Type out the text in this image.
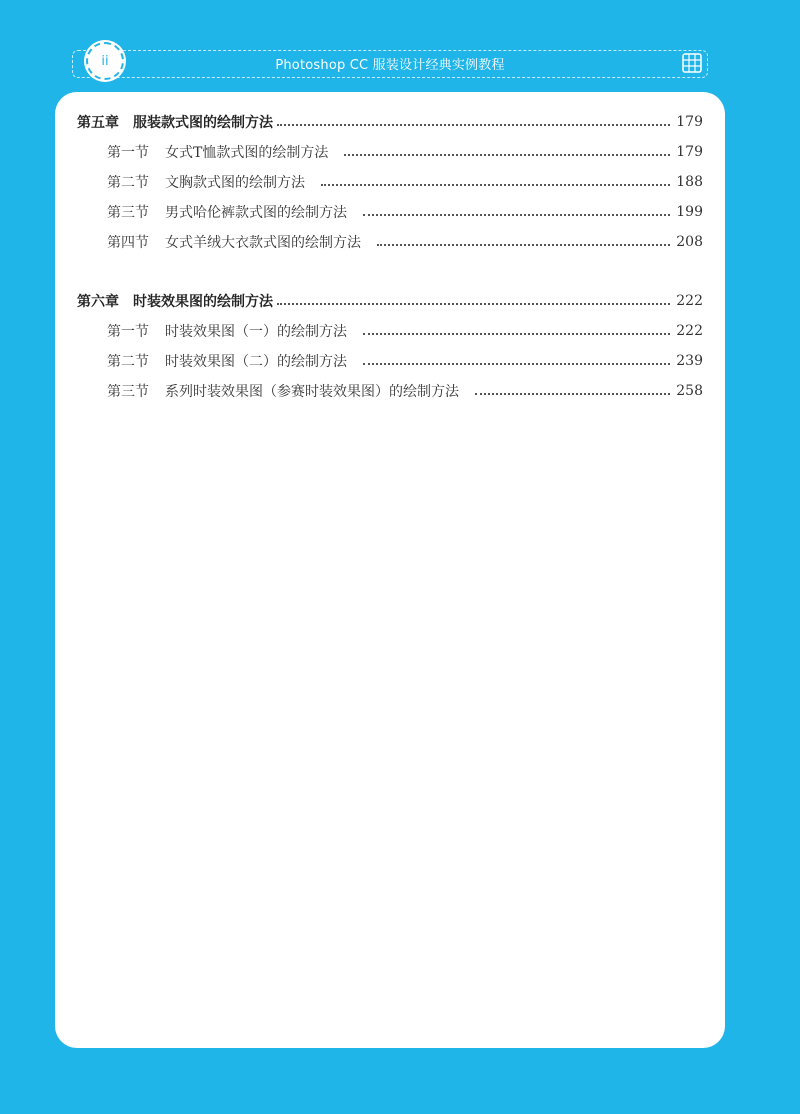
ii	Photoshop CC 服装设计经典实例教程
第五章 服装款式图的绘制方法	179
第一节 女式T恤款式图的绘制方法	179
第二节 文胸款式图的绘制方法	188
第三节 男式哈伦裤款式图的绘制方法	199
第四节 女式羊绒大衣款式图的绘制方法	208
第六章 时装效果图的绘制方法	222
第一节 时装效果图（一）的绘制方法	222
第二节 时装效果图（二）的绘制方法	239
第三节 系列时装效果图（参赛时装效果图）的绘制方法	258
